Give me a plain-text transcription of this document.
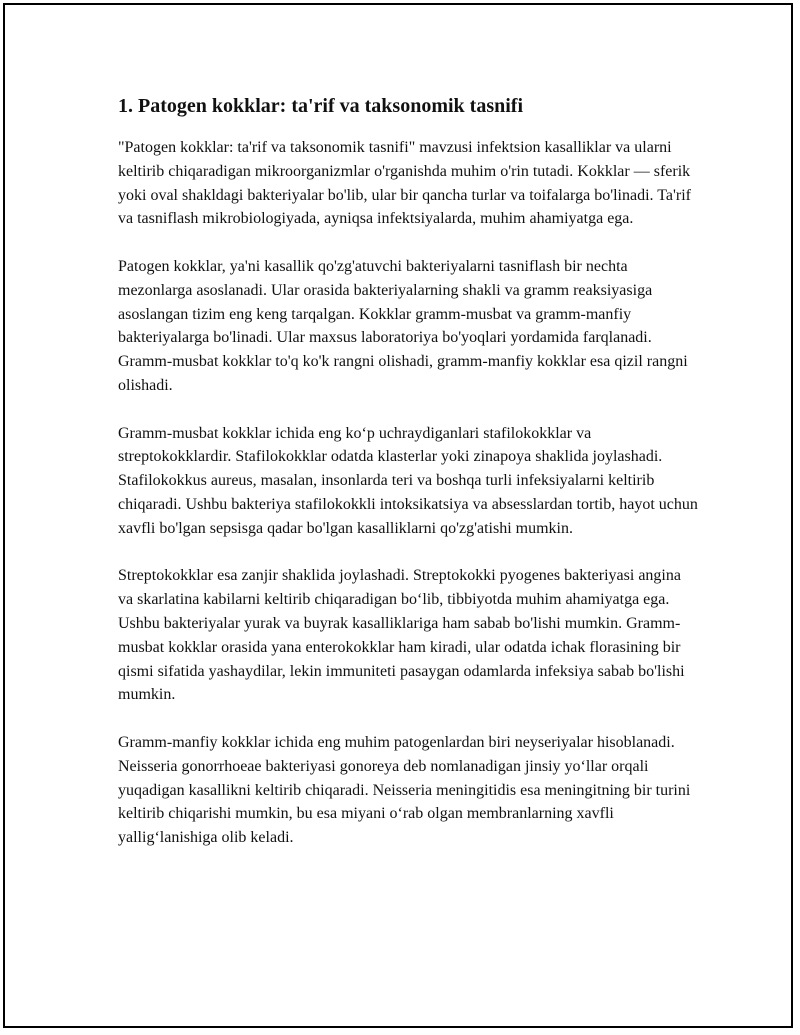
1. Patogen kokklar: ta'rif va taksonomik tasnifi

"Patogen kokklar: ta'rif va taksonomik tasnifi" mavzusi infektsion kasalliklar va ularni keltirib chiqaradigan mikroorganizmlar o'rganishda muhim o'rin tutadi. Kokklar — sferik yoki oval shakldagi bakteriyalar bo'lib, ular bir qancha turlar va toifalarga bo'linadi. Ta'rif va tasniflash mikrobiologiyada, ayniqsa infektsiyalarda, muhim ahamiyatga ega.

Patogen kokklar, ya'ni kasallik qo'zg'atuvchi bakteriyalarni tasniflash bir nechta mezonlarga asoslanadi. Ular orasida bakteriyalarning shakli va gramm reaksiyasiga asoslangan tizim eng keng tarqalgan. Kokklar gramm-musbat va gramm-manfiy bakteriyalarga bo'linadi. Ular maxsus laboratoriya bo'yoqlari yordamida farqlanadi. Gramm-musbat kokklar to'q ko'k rangni olishadi, gramm-manfiy kokklar esa qizil rangni olishadi.

Gramm-musbat kokklar ichida eng ko‘p uchraydiganlari stafilokokklar va streptokokklardir. Stafilokokklar odatda klasterlar yoki zinapoya shaklida joylashadi. Stafilokokkus aureus, masalan, insonlarda teri va boshqa turli infeksiyalarni keltirib chiqaradi. Ushbu bakteriya stafilokokkli intoksikatsiya va absesslardan tortib, hayot uchun xavfli bo'lgan sepsisga qadar bo'lgan kasalliklarni qo'zg'atishi mumkin.

Streptokokklar esa zanjir shaklida joylashadi. Streptokokki pyogenes bakteriyasi angina va skarlatina kabilarni keltirib chiqaradigan bo‘lib, tibbiyotda muhim ahamiyatga ega. Ushbu bakteriyalar yurak va buyrak kasalliklariga ham sabab bo'lishi mumkin. Gramm-musbat kokklar orasida yana enterokokklar ham kiradi, ular odatda ichak florasining bir qismi sifatida yashaydilar, lekin immuniteti pasaygan odamlarda infeksiya sabab bo'lishi mumkin.

Gramm-manfiy kokklar ichida eng muhim patogenlardan biri neyseriyalar hisoblanadi. Neisseria gonorrhoeae bakteriyasi gonoreya deb nomlanadigan jinsiy yo‘llar orqali yuqadigan kasallikni keltirib chiqaradi. Neisseria meningitidis esa meningitning bir turini keltirib chiqarishi mumkin, bu esa miyani o‘rab olgan membranlarning xavfli yallig‘lanishiga olib keladi.
